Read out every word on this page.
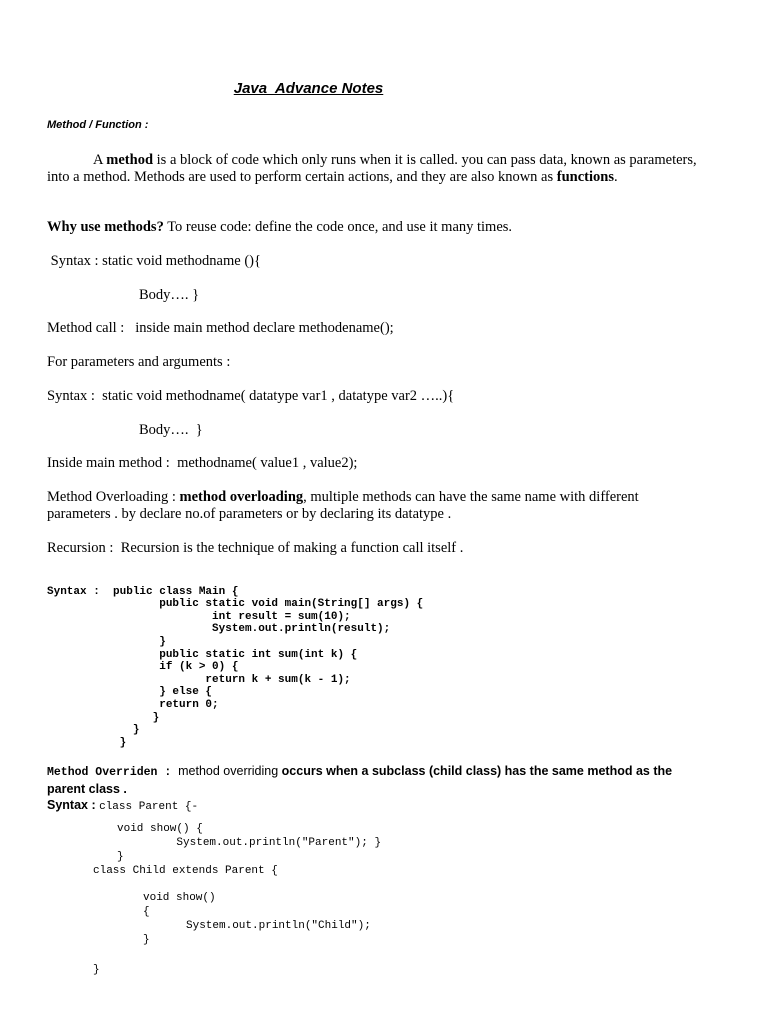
Java  Advance Notes
Method / Function :
A method is a block of code which only runs when it is called. you can pass data, known as parameters, into a method. Methods are used to perform certain actions, and they are also known as functions.
Why use methods? To reuse code: define the code once, and use it many times.
Syntax : static void methodname (){
Body…. }
Method call :   inside main method declare methodename();
For parameters and arguments :
Syntax :  static void methodname( datatype var1 , datatype var2 …..){
Body….  }
Inside main method :  methodname( value1 , value2);
Method Overloading : method overloading, multiple methods can have the same name with different parameters . by declare no.of parameters or by declaring its datatype .
Recursion :  Recursion is the technique of making a function call itself .

Syntax :  public class Main {
public static void main(String[] args) {
int result = sum(10);
System.out.println(result);
}
public static int sum(int k) {
if (k > 0) {
return k + sum(k - 1);
} else {
return 0;
}
}
}

Method Overriden : method overriding occurs when a subclass (child class) has the same method as the parent class .
Syntax : class Parent {-
void show() {
System.out.println("Parent"); }
}
class Child extends Parent {
void show()
{
System.out.println("Child");
}
}
